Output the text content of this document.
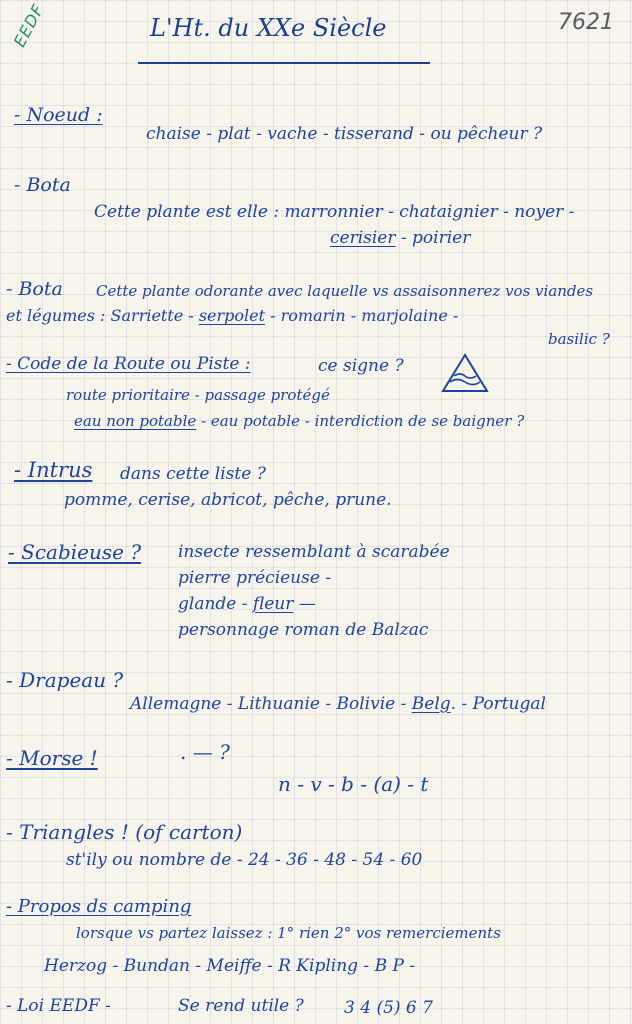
EEDF	7621
L'Ht. du XXe Siècle
- Noeud :
chaise - plat - vache - tisserand - ou pêcheur ?
- Bota
Cette plante est elle : marronnier - chataignier - noyer -
cerisier - poirier
- Bota Cette plante odorante avec laquelle vs assaisonnerez vos viandes
et légumes : Sarriette - serpolet - romarin - marjolaine -
basilic ?
- Code de la Route ou Piste :	ce signe ?
route prioritaire - passage protégé
eau non potable - eau potable - interdiction de se baigner ?
- Intrus dans cette liste ?
pomme, cerise, abricot, pêche, prune.
- Scabieuse ? insecte ressemblant à scarabée
pierre précieuse -
glande - fleur —
personnage roman de Balzac
- Drapeau ?
Allemagne - Lithuanie - Bolivie - Belg. - Portugal
- Morse !	. — ?
n - v - b - (a) - t
- Triangles ! (of carton)
st'ily ou nombre de - 24 - 36 - 48 - 54 - 60
- Propos ds camping
lorsque vs partez laissez : 1° rien 2° vos remerciements
Herzog - Bundan - Meiffe - R Kipling - B P -
- Loi EEDF -	Se rend utile ? 3 4 (5) 6 7
